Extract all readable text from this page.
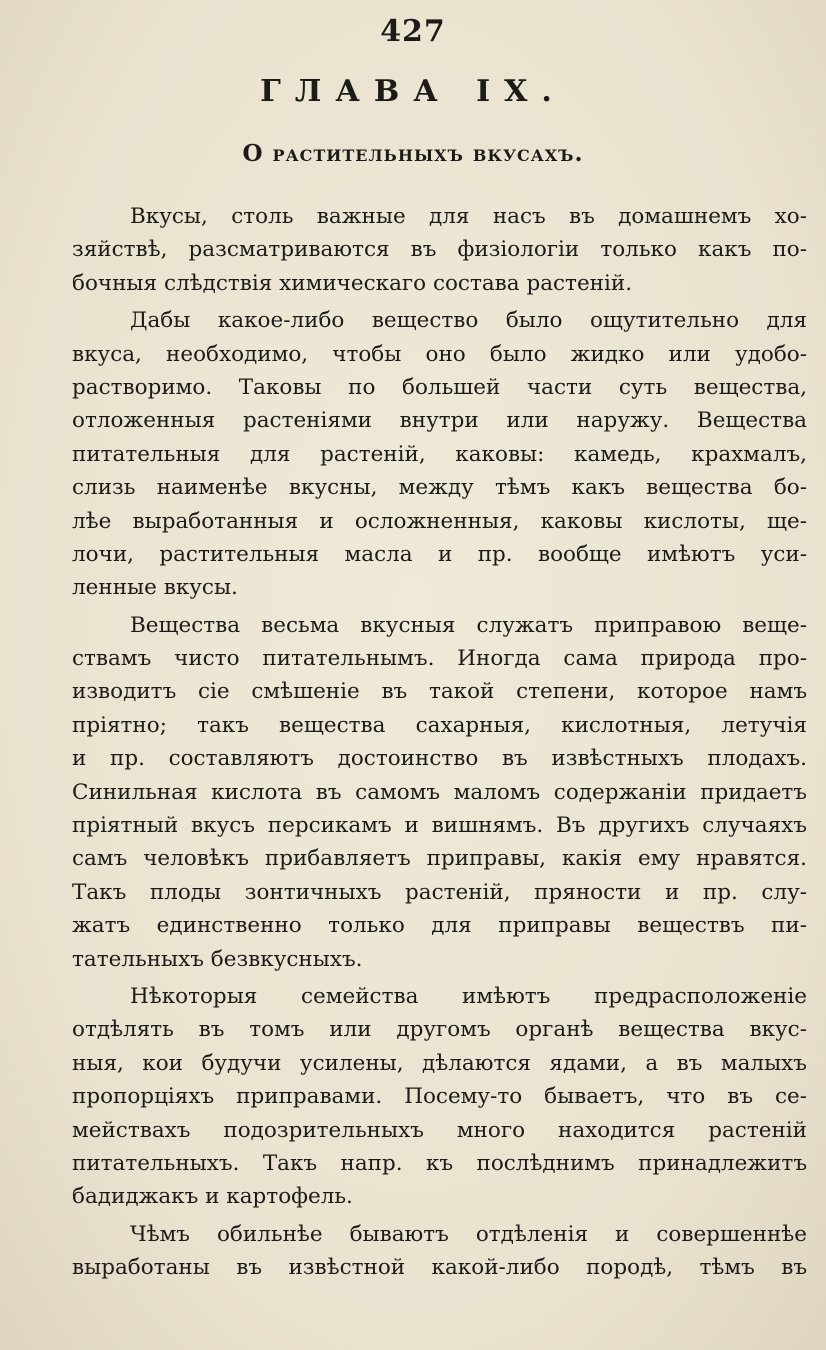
427
ГЛАВА IX.
О растительныхъ вкусахъ.
Вкусы, столь важные для насъ въ домашнемъ хо-
зяйствѣ, разсматриваются въ физiологiи только какъ по-
бочныя слѣдствiя химическаго состава растенiй.
Дабы какое-либо вещество было ощутительно для
вкуса, необходимо, чтобы оно было жидко или удобо-
растворимо. Таковы по большей части суть вещества,
отложенныя растенiями внутри или наружу. Вещества
питательныя для растенiй, каковы: камедь, крахмалъ,
слизь наименѣе вкусны, между тѣмъ какъ вещества бо-
лѣе выработанныя и осложненныя, каковы кислоты, ще-
лочи, растительныя масла и пр. вообще имѣютъ уси-
ленные вкусы.
Вещества весьма вкусныя служатъ приправою веще-
ствамъ чисто питательнымъ. Иногда сама природа про-
изводитъ сiе смѣшенiе въ такой степени, которое намъ
прiятно; такъ вещества сахарныя, кислотныя, летучiя
и пр. составляютъ достоинство въ извѣстныхъ плодахъ.
Синильная кислота въ самомъ маломъ содержанiи придаетъ
прiятный вкусъ персикамъ и вишнямъ. Въ другихъ случаяхъ
самъ человѣкъ прибавляетъ приправы, какiя ему нравятся.
Такъ плоды зонтичныхъ растенiй, пряности и пр. слу-
жатъ единственно только для приправы веществъ пи-
тательныхъ безвкусныхъ.
Нѣкоторыя семейства имѣютъ предрасположенiе
отдѣлять въ томъ или другомъ органѣ вещества вкус-
ныя, кои будучи усилены, дѣлаются ядами, а въ малыхъ
пропорцiяхъ приправами. Посему-то бываетъ, что въ се-
мействахъ подозрительныхъ много находится растенiй
питательныхъ. Такъ напр. къ послѣднимъ принадлежитъ
бадиджакъ и картофель.
Чѣмъ обильнѣе бываютъ отдѣленiя и совершеннѣе
выработаны въ извѣстной какой-либо породѣ, тѣмъ въ
